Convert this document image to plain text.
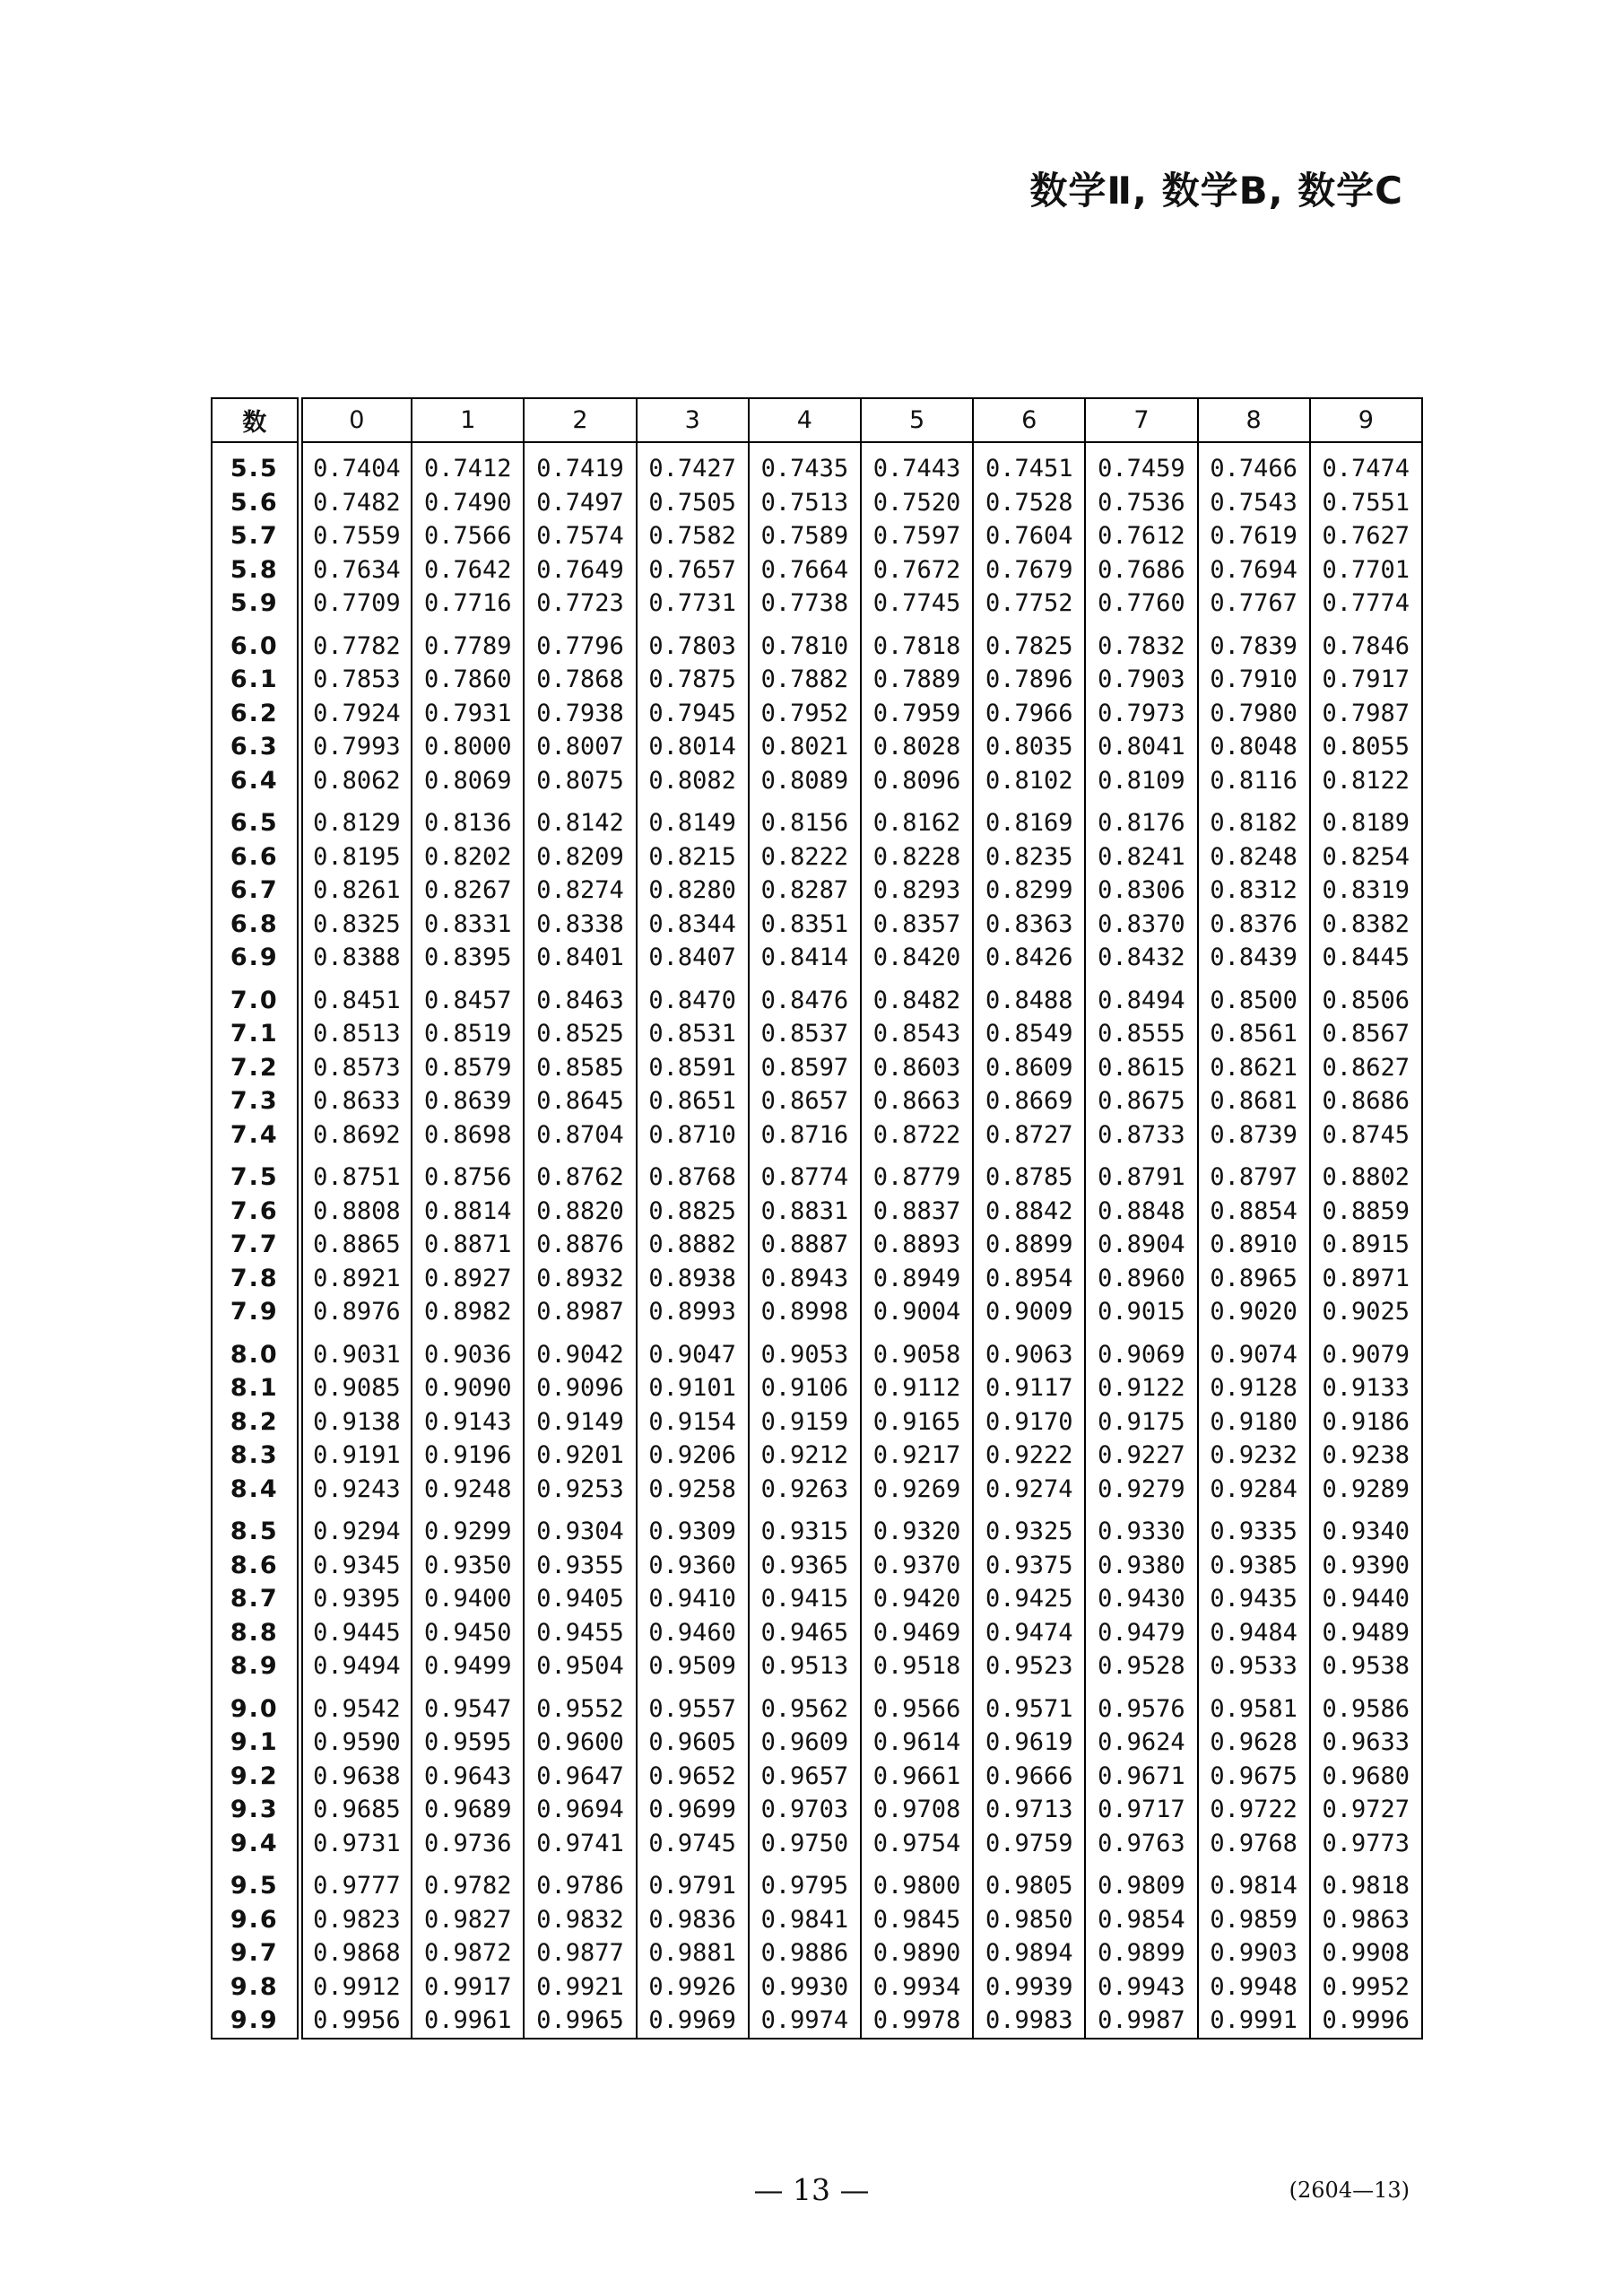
数学Ⅱ, 数学B, 数学C
数	0	1	2	3	4	5	6	7	8	9
5.5	0.7404	0.7412	0.7419	0.7427	0.7435	0.7443	0.7451	0.7459	0.7466	0.7474
5.6	0.7482	0.7490	0.7497	0.7505	0.7513	0.7520	0.7528	0.7536	0.7543	0.7551
5.7	0.7559	0.7566	0.7574	0.7582	0.7589	0.7597	0.7604	0.7612	0.7619	0.7627
5.8	0.7634	0.7642	0.7649	0.7657	0.7664	0.7672	0.7679	0.7686	0.7694	0.7701
5.9	0.7709	0.7716	0.7723	0.7731	0.7738	0.7745	0.7752	0.7760	0.7767	0.7774
6.0	0.7782	0.7789	0.7796	0.7803	0.7810	0.7818	0.7825	0.7832	0.7839	0.7846
6.1	0.7853	0.7860	0.7868	0.7875	0.7882	0.7889	0.7896	0.7903	0.7910	0.7917
6.2	0.7924	0.7931	0.7938	0.7945	0.7952	0.7959	0.7966	0.7973	0.7980	0.7987
6.3	0.7993	0.8000	0.8007	0.8014	0.8021	0.8028	0.8035	0.8041	0.8048	0.8055
6.4	0.8062	0.8069	0.8075	0.8082	0.8089	0.8096	0.8102	0.8109	0.8116	0.8122
6.5	0.8129	0.8136	0.8142	0.8149	0.8156	0.8162	0.8169	0.8176	0.8182	0.8189
6.6	0.8195	0.8202	0.8209	0.8215	0.8222	0.8228	0.8235	0.8241	0.8248	0.8254
6.7	0.8261	0.8267	0.8274	0.8280	0.8287	0.8293	0.8299	0.8306	0.8312	0.8319
6.8	0.8325	0.8331	0.8338	0.8344	0.8351	0.8357	0.8363	0.8370	0.8376	0.8382
6.9	0.8388	0.8395	0.8401	0.8407	0.8414	0.8420	0.8426	0.8432	0.8439	0.8445
7.0	0.8451	0.8457	0.8463	0.8470	0.8476	0.8482	0.8488	0.8494	0.8500	0.8506
7.1	0.8513	0.8519	0.8525	0.8531	0.8537	0.8543	0.8549	0.8555	0.8561	0.8567
7.2	0.8573	0.8579	0.8585	0.8591	0.8597	0.8603	0.8609	0.8615	0.8621	0.8627
7.3	0.8633	0.8639	0.8645	0.8651	0.8657	0.8663	0.8669	0.8675	0.8681	0.8686
7.4	0.8692	0.8698	0.8704	0.8710	0.8716	0.8722	0.8727	0.8733	0.8739	0.8745
7.5	0.8751	0.8756	0.8762	0.8768	0.8774	0.8779	0.8785	0.8791	0.8797	0.8802
7.6	0.8808	0.8814	0.8820	0.8825	0.8831	0.8837	0.8842	0.8848	0.8854	0.8859
7.7	0.8865	0.8871	0.8876	0.8882	0.8887	0.8893	0.8899	0.8904	0.8910	0.8915
7.8	0.8921	0.8927	0.8932	0.8938	0.8943	0.8949	0.8954	0.8960	0.8965	0.8971
7.9	0.8976	0.8982	0.8987	0.8993	0.8998	0.9004	0.9009	0.9015	0.9020	0.9025
8.0	0.9031	0.9036	0.9042	0.9047	0.9053	0.9058	0.9063	0.9069	0.9074	0.9079
8.1	0.9085	0.9090	0.9096	0.9101	0.9106	0.9112	0.9117	0.9122	0.9128	0.9133
8.2	0.9138	0.9143	0.9149	0.9154	0.9159	0.9165	0.9170	0.9175	0.9180	0.9186
8.3	0.9191	0.9196	0.9201	0.9206	0.9212	0.9217	0.9222	0.9227	0.9232	0.9238
8.4	0.9243	0.9248	0.9253	0.9258	0.9263	0.9269	0.9274	0.9279	0.9284	0.9289
8.5	0.9294	0.9299	0.9304	0.9309	0.9315	0.9320	0.9325	0.9330	0.9335	0.9340
8.6	0.9345	0.9350	0.9355	0.9360	0.9365	0.9370	0.9375	0.9380	0.9385	0.9390
8.7	0.9395	0.9400	0.9405	0.9410	0.9415	0.9420	0.9425	0.9430	0.9435	0.9440
8.8	0.9445	0.9450	0.9455	0.9460	0.9465	0.9469	0.9474	0.9479	0.9484	0.9489
8.9	0.9494	0.9499	0.9504	0.9509	0.9513	0.9518	0.9523	0.9528	0.9533	0.9538
9.0	0.9542	0.9547	0.9552	0.9557	0.9562	0.9566	0.9571	0.9576	0.9581	0.9586
9.1	0.9590	0.9595	0.9600	0.9605	0.9609	0.9614	0.9619	0.9624	0.9628	0.9633
9.2	0.9638	0.9643	0.9647	0.9652	0.9657	0.9661	0.9666	0.9671	0.9675	0.9680
9.3	0.9685	0.9689	0.9694	0.9699	0.9703	0.9708	0.9713	0.9717	0.9722	0.9727
9.4	0.9731	0.9736	0.9741	0.9745	0.9750	0.9754	0.9759	0.9763	0.9768	0.9773
9.5	0.9777	0.9782	0.9786	0.9791	0.9795	0.9800	0.9805	0.9809	0.9814	0.9818
9.6	0.9823	0.9827	0.9832	0.9836	0.9841	0.9845	0.9850	0.9854	0.9859	0.9863
9.7	0.9868	0.9872	0.9877	0.9881	0.9886	0.9890	0.9894	0.9899	0.9903	0.9908
9.8	0.9912	0.9917	0.9921	0.9926	0.9930	0.9934	0.9939	0.9943	0.9948	0.9952
9.9	0.9956	0.9961	0.9965	0.9969	0.9974	0.9978	0.9983	0.9987	0.9991	0.9996
— 13 —	(2604—13)
